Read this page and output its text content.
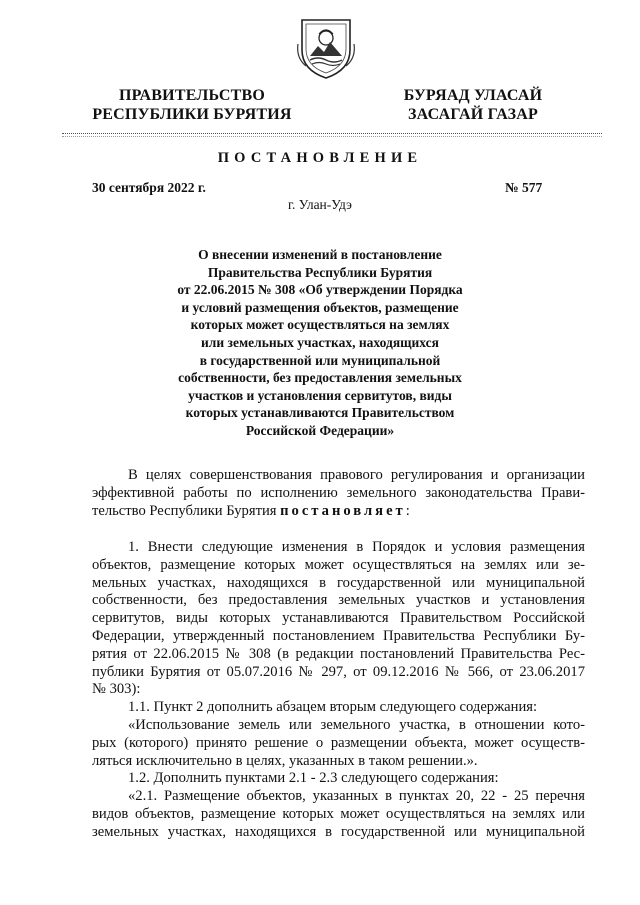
ПРАВИТЕЛЬСТВО
РЕСПУБЛИКИ БУРЯТИЯ
БУРЯАД УЛАСАЙ
ЗАСАГАЙ ГАЗАР
ПОСТАНОВЛЕНИЕ
30 сентября 2022 г.	№ 577
г. Улан-Удэ
О внесении изменений в постановление
Правительства Республики Бурятия
от 22.06.2015 № 308 «Об утверждении Порядка
и условий размещения объектов, размещение
которых может осуществляться на землях
или земельных участках, находящихся
в государственной или муниципальной
собственности, без предоставления земельных
участков и установления сервитутов, виды
которых устанавливаются Правительством
Российской Федерации»
В целях совершенствования правового регулирования и организации
эффективной работы по исполнению земельного законодательства Прави-
тельство Республики Бурятия постановляет:
1. Внести следующие изменения в Порядок и условия размещения
объектов, размещение которых может осуществляться на землях или зе-
мельных участках, находящихся в государственной или муниципальной
собственности, без предоставления земельных участков и установления
сервитутов, виды которых устанавливаются Правительством Российской
Федерации, утвержденный постановлением Правительства Республики Бу-
рятия от 22.06.2015 № 308 (в редакции постановлений Правительства Рес-
публики Бурятия от 05.07.2016 № 297, от 09.12.2016 № 566, от 23.06.2017
№ 303):
1.1. Пункт 2 дополнить абзацем вторым следующего содержания:
«Использование земель или земельного участка, в отношении кото-
рых (которого) принято решение о размещении объекта, может осуществ-
ляться исключительно в целях, указанных в таком решении.».
1.2. Дополнить пунктами 2.1 - 2.3 следующего содержания:
«2.1. Размещение объектов, указанных в пунктах 20, 22 - 25 перечня
видов объектов, размещение которых может осуществляться на землях или
земельных участках, находящихся в государственной или муниципальной
